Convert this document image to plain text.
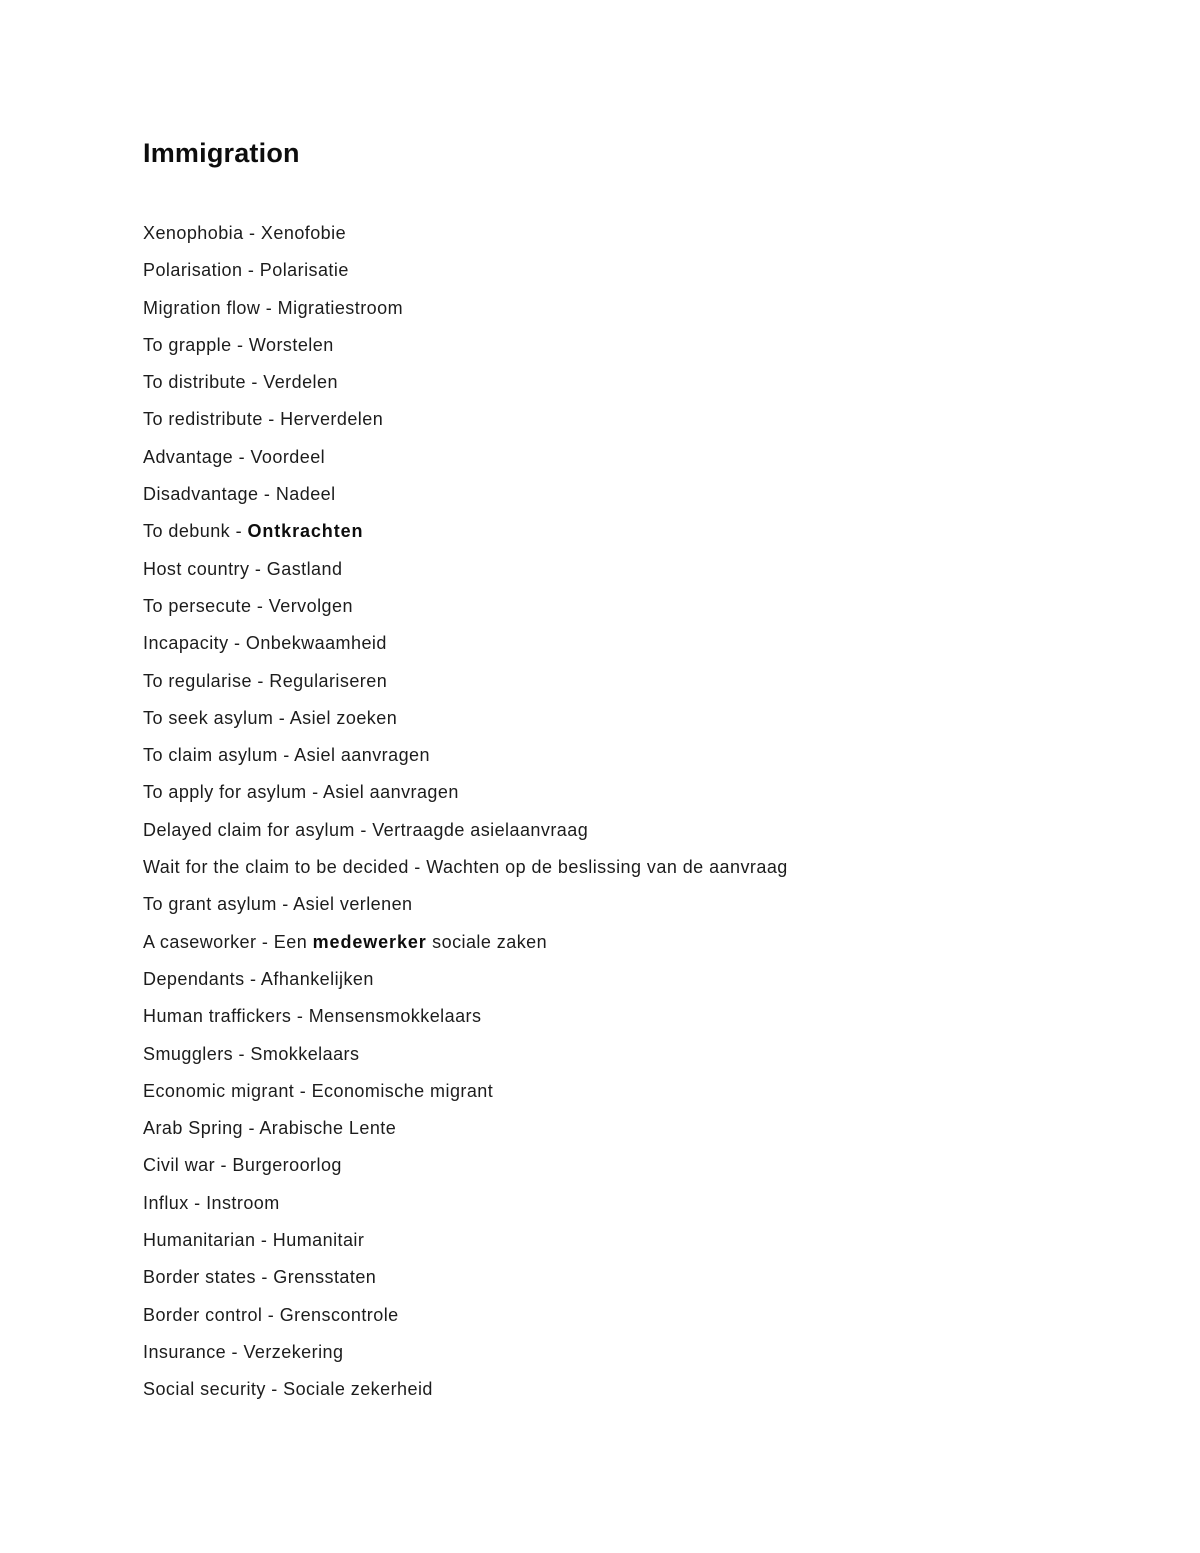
Immigration

Xenophobia - Xenofobie

Polarisation - Polarisatie

Migration flow - Migratiestroom

To grapple - Worstelen

To distribute - Verdelen

To redistribute - Herverdelen

Advantage - Voordeel

Disadvantage - Nadeel

To debunk - Ontkrachten

Host country - Gastland

To persecute - Vervolgen

Incapacity - Onbekwaamheid

To regularise - Regulariseren

To seek asylum - Asiel zoeken

To claim asylum - Asiel aanvragen

To apply for asylum - Asiel aanvragen

Delayed claim for asylum - Vertraagde asielaanvraag

Wait for the claim to be decided - Wachten op de beslissing van de aanvraag

To grant asylum - Asiel verlenen

A caseworker - Een medewerker sociale zaken

Dependants - Afhankelijken

Human traffickers - Mensensmokkelaars

Smugglers - Smokkelaars

Economic migrant - Economische migrant

Arab Spring - Arabische Lente

Civil war - Burgeroorlog

Influx - Instroom

Humanitarian - Humanitair

Border states - Grensstaten

Border control - Grenscontrole

Insurance - Verzekering

Social security - Sociale zekerheid
